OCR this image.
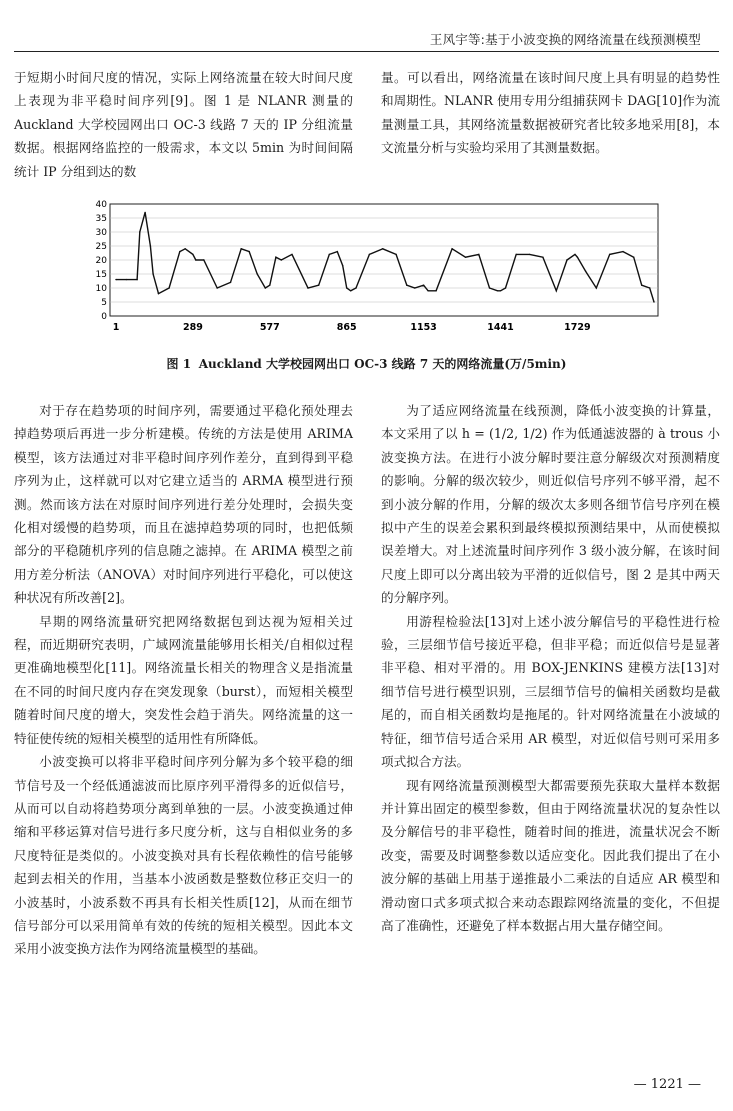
王风宇等:基于小波变换的网络流量在线预测模型

于短期小时间尺度的情况，实际上网络流量在较大时间尺度上表现为非平稳时间序列[9]。图 1 是 NLANR 测量的 Auckland 大学校园网出口 OC-3 线路 7 天的 IP 分组流量数据。根据网络监控的一般需求，本文以 5min 为时间间隔统计 IP 分组到达的数

量。可以看出，网络流量在该时间尺度上具有明显的趋势性和周期性。NLANR 使用专用分组捕获网卡 DAG[10]作为流量测量工具，其网络流量数据被研究者比较多地采用[8]，本文流量分析与实验均采用了其测量数据。

0
5
10
15
20
25
30
35
40
1	289	577	865	1153	1441	1729
图 1 Auckland 大学校园网出口 OC-3 线路 7 天的网络流量(万/5min)

对于存在趋势项的时间序列，需要通过平稳化预处理去掉趋势项后再进一步分析建模。传统的方法是使用 ARIMA 模型，该方法通过对非平稳时间序列作差分，直到得到平稳序列为止，这样就可以对它建立适当的 ARMA 模型进行预测。然而该方法在对原时间序列进行差分处理时，会损失变化相对缓慢的趋势项，而且在滤掉趋势项的同时，也把低频部分的平稳随机序列的信息随之滤掉。在 ARIMA 模型之前用方差分析法（ANOVA）对时间序列进行平稳化，可以使这种状况有所改善[2]。

早期的网络流量研究把网络数据包到达视为短相关过程，而近期研究表明，广域网流量能够用长相关/自相似过程更准确地模型化[11]。网络流量长相关的物理含义是指流量在不同的时间尺度内存在突发现象（burst），而短相关模型随着时间尺度的增大，突发性会趋于消失。网络流量的这一特征使传统的短相关模型的适用性有所降低。

小波变换可以将非平稳时间序列分解为多个较平稳的细节信号及一个经低通滤波而比原序列平滑得多的近似信号，从而可以自动将趋势项分离到单独的一层。小波变换通过伸缩和平移运算对信号进行多尺度分析，这与自相似业务的多尺度特征是类似的。小波变换对具有长程依赖性的信号能够起到去相关的作用，当基本小波函数是整数位移正交归一的小波基时，小波系数不再具有长相关性质[12]，从而在细节信号部分可以采用简单有效的传统的短相关模型。因此本文采用小波变换方法作为网络流量模型的基础。

为了适应网络流量在线预测，降低小波变换的计算量，本文采用了以 h = (1/2, 1/2) 作为低通滤波器的 à trous 小波变换方法。在进行小波分解时要注意分解级次对预测精度的影响。分解的级次较少，则近似信号序列不够平滑，起不到小波分解的作用，分解的级次太多则各细节信号序列在模拟中产生的误差会累积到最终模拟预测结果中，从而使模拟误差增大。对上述流量时间序列作 3 级小波分解，在该时间尺度上即可以分离出较为平滑的近似信号，图 2 是其中两天的分解序列。

用游程检验法[13]对上述小波分解信号的平稳性进行检验，三层细节信号接近平稳，但非平稳；而近似信号是显著非平稳、相对平滑的。用 BOX-JENKINS 建模方法[13]对细节信号进行模型识别，三层细节信号的偏相关函数均是截尾的，而自相关函数均是拖尾的。针对网络流量在小波域的特征，细节信号适合采用 AR 模型，对近似信号则可采用多项式拟合方法。

现有网络流量预测模型大都需要预先获取大量样本数据并计算出固定的模型参数，但由于网络流量状况的复杂性以及分解信号的非平稳性，随着时间的推进，流量状况会不断改变，需要及时调整参数以适应变化。因此我们提出了在小波分解的基础上用基于递推最小二乘法的自适应 AR 模型和滑动窗口式多项式拟合来动态跟踪网络流量的变化，不但提高了准确性，还避免了样本数据占用大量存储空间。

— 1221 —
